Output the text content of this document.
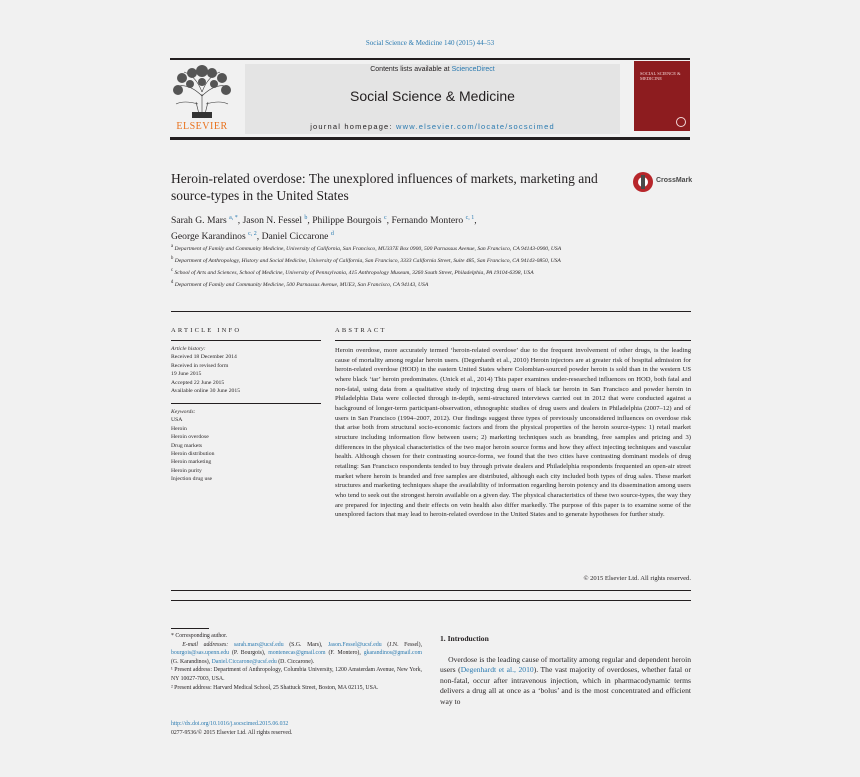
Social Science & Medicine 140 (2015) 44–53
ELSEVIER
Contents lists available at ScienceDirect
Social Science & Medicine
journal homepage: www.elsevier.com/locate/socscimed
SOCIAL SCIENCE & MEDICINE
Heroin-related overdose: The unexplored influences of markets, marketing and source-types in the United States
CrossMark
Sarah G. Mars $^{a, *}$, Jason N. Fessel $^b$, Philippe Bourgois $^c$, Fernando Montero $^{c, 1}$,
George Karandinos $^{c, 2}$, Daniel Ciccarone $^d$

$^a$ Department of Family and Community Medicine, University of California, San Francisco, MU337E Box 0900, 500 Parnassus Avenue, San Francisco, CA 94143-0900, USA

$^b$ Department of Anthropology, History and Social Medicine, University of California, San Francisco, 3333 California Street, Suite 485, San Francisco, CA 94143-0850, USA

$^c$ School of Arts and Sciences, School of Medicine, University of Pennsylvania, 415 Anthropology Museum, 3260 South Street, Philadelphia, PA 19104-6398, USA

$^d$ Department of Family and Community Medicine, 500 Parnassus Avenue, MUE3, San Francisco, CA 94143, USA

ARTICLE INFO	ABSTRACT

Article history:

Received 18 December 2014

Received in revised form

19 June 2015

Accepted 22 June 2015

Available online 30 June 2015

Keywords:

USA

Heroin

Heroin overdose

Drug markets

Heroin distribution

Heroin marketing

Heroin purity

Injection drug use

Heroin overdose, more accurately termed ‘heroin-related overdose’ due to the frequent involvement of other drugs, is the leading cause of mortality among regular heroin users. (Degenhardt et al., 2010) Heroin injectors are at greater risk of hospital admission for heroin-related overdose (HOD) in the eastern United States where Colombian-sourced powder heroin is sold than in the western US where black ‘tar’ heroin predominates. (Unick et al., 2014) This paper examines under-researched influences on HOD, both fatal and non-fatal, using data from a qualitative study of injecting drug users of black tar heroin in San Francisco and powder heroin in Philadelphia Data were collected through in-depth, semi-structured interviews carried out in 2012 that were conducted against a background of longer-term participant-observation, ethnographic studies of drug users and dealers in Philadelphia (2007–12) and of users in San Francisco (1994–2007, 2012). Our findings suggest three types of previously unconsidered influences on overdose risk that arise both from structural socio-economic factors and from the physical properties of the heroin source-types: 1) retail market structure including information flow between users; 2) marketing techniques such as branding, free samples and pricing and 3) differences in the physical characteristics of the two major heroin source forms and how they affect injecting techniques and vascular health. Although chosen for their contrasting source-forms, we found that the two cities have contrasting dominant models of drug retailing: San Francisco respondents tended to buy through private dealers and Philadelphia respondents frequented an open-air street market where heroin is branded and free samples are distributed, although each city included both types of drug sales. These market structures and marketing techniques shape the availability of information regarding heroin potency and its dissemination among users who tend to seek out the strongest heroin available on a given day. The physical characteristics of these two source-types, the way they are prepared for injecting and their effects on vein health also differ markedly. The purpose of this paper is to examine some of the unexplored factors that may lead to heroin-related overdose in the United States and to generate hypotheses for further study.
© 2015 Elsevier Ltd. All rights reserved.

* Corresponding author.

E-mail addresses: sarah.mars@ucsf.edu (S.G. Mars), Jason.Fessel@ucsf.edu (J.N. Fessel), bourgois@sas.upenn.edu (P. Bourgois), montenecas@gmail.com (F. Montero), gkarandinos@gmail.com (G. Karandinos), Daniel.Ciccarone@ucsf.edu (D. Ciccarone).

¹ Present address: Department of Anthropology, Columbia University, 1200 Amsterdam Avenue, New York, NY 10027-7003, USA.

² Present address: Harvard Medical School, 25 Shattuck Street, Boston, MA 02115, USA.

http://dx.doi.org/10.1016/j.socscimed.2015.06.032

0277-9536/© 2015 Elsevier Ltd. All rights reserved.

1. Introduction
Overdose is the leading cause of mortality among regular and dependent heroin users (Degenhardt et al., 2010). The vast majority of overdoses, whether fatal or non-fatal, occur after intravenous injection, which in pharmacodynamic terms delivers a drug all at once as a ‘bolus’ and is the most concentrated and efficient way to
